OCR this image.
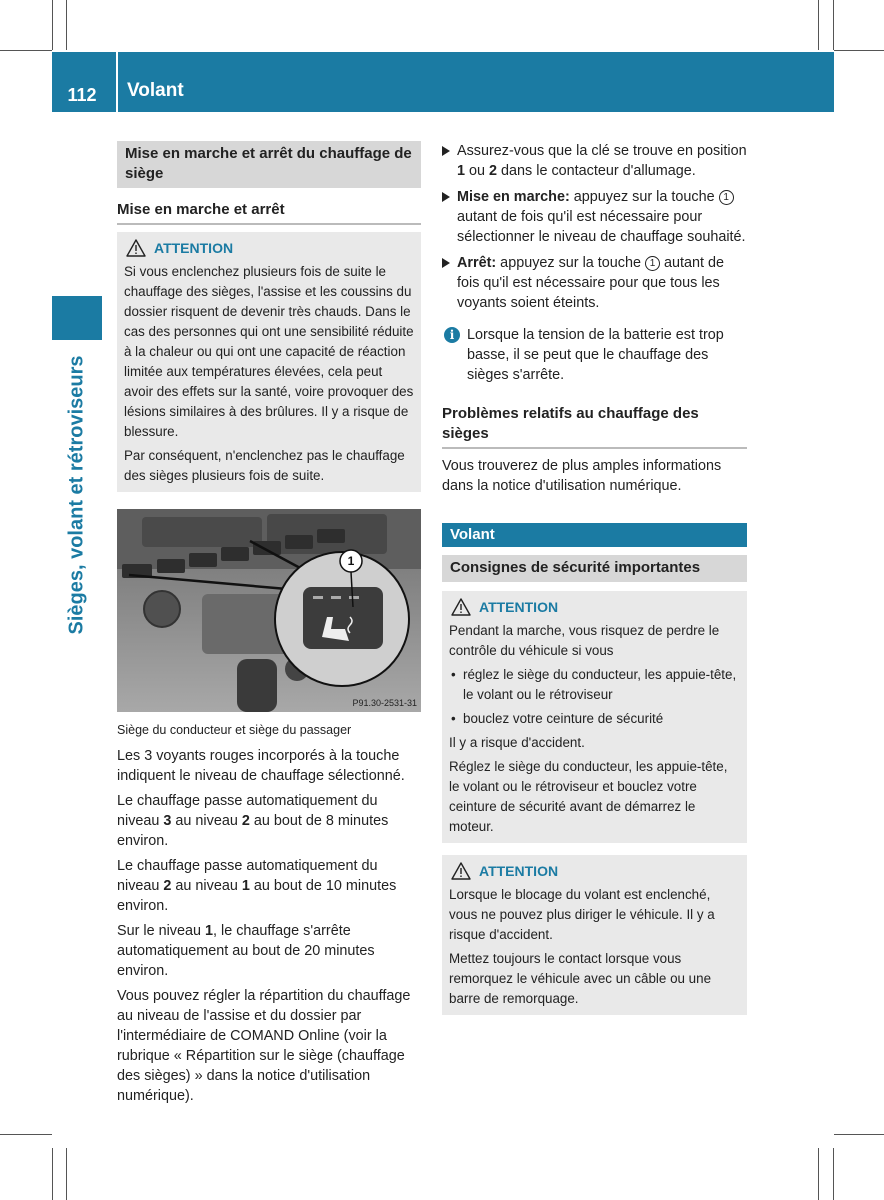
112	Volant
Sièges, volant et rétroviseurs
Mise en marche et arrêt du chauffage de siège
Mise en marche et arrêt
ATTENTION

Si vous enclenchez plusieurs fois de suite le chauffage des sièges, l'assise et les coussins du dossier risquent de devenir très chauds. Dans le cas des personnes qui ont une sensibilité réduite à la chaleur ou qui ont une capacité de réaction limitée aux températures élevées, cela peut avoir des effets sur la santé, voire provoquer des lésions similaires à des brûlures. Il y a risque de blessure.

Par conséquent, n'enclenchez pas le chauffage des sièges plusieurs fois de suite.

1
P91.30-2531-31
Siège du conducteur et siège du passager

Les 3 voyants rouges incorporés à la touche indiquent le niveau de chauffage sélectionné.

Le chauffage passe automatiquement du niveau 3 au niveau 2 au bout de 8 minutes environ.

Le chauffage passe automatiquement du niveau 2 au niveau 1 au bout de 10 minutes environ.

Sur le niveau 1, le chauffage s'arrête automatiquement au bout de 20 minutes environ.

Vous pouvez régler la répartition du chauffage au niveau de l'assise et du dossier par l'intermédiaire de COMAND Online (voir la rubrique « Répartition sur le siège (chauffage des sièges) » dans la notice d'utilisation numérique).

Assurez-vous que la clé se trouve en position 1 ou 2 dans le contacteur d'allumage.
Mise en marche: appuyez sur la touche 1 autant de fois qu'il est nécessaire pour sélectionner le niveau de chauffage souhaité.
Arrêt: appuyez sur la touche 1 autant de fois qu'il est nécessaire pour que tous les voyants soient éteints.
i Lorsque la tension de la batterie est trop basse, il se peut que le chauffage des sièges s'arrête.
Problèmes relatifs au chauffage des sièges
Vous trouverez de plus amples informations dans la notice d'utilisation numérique.
Volant
Consignes de sécurité importantes
ATTENTION

Pendant la marche, vous risquez de perdre le contrôle du véhicule si vous

• réglez le siège du conducteur, les appuie-tête, le volant ou le rétroviseur

• bouclez votre ceinture de sécurité

Il y a risque d'accident.

Réglez le siège du conducteur, les appuie-tête, le volant ou le rétroviseur et bouclez votre ceinture de sécurité avant de démarrez le moteur.

ATTENTION

Lorsque le blocage du volant est enclenché, vous ne pouvez plus diriger le véhicule. Il y a risque d'accident.

Mettez toujours le contact lorsque vous remorquez le véhicule avec un câble ou une barre de remorquage.
